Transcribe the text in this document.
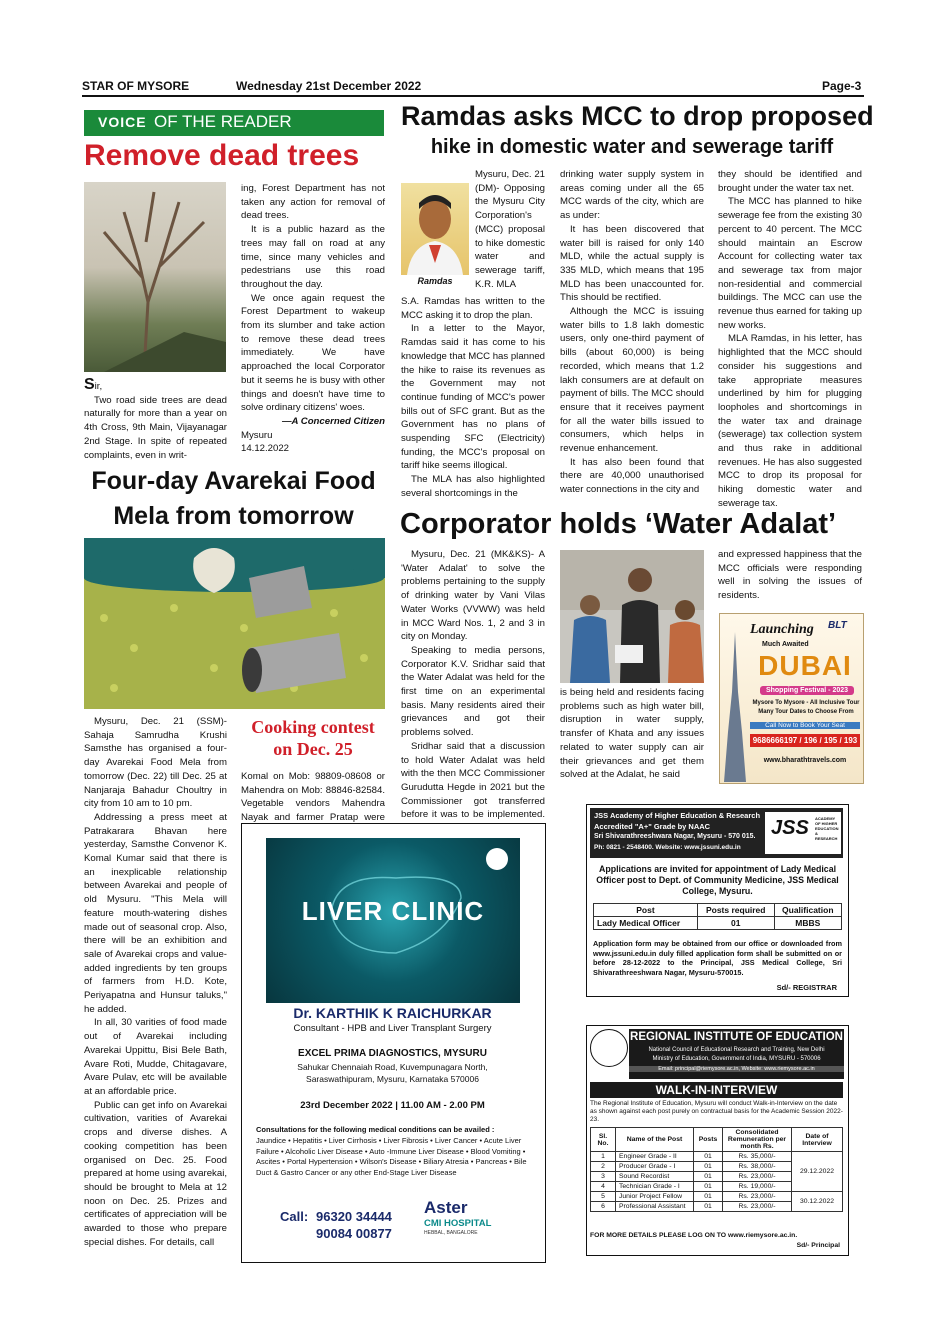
STAR OF MYSORE	Wednesday 21st December 2022	Page-3
VOICE OF THE READER
Remove dead trees

Sir,

Two road side trees are dead naturally for more than a year on 4th Cross, 9th Main, Vijayanagar 2nd Stage. In spite of repeated complaints, even in writ-

ing, Forest Department has not taken any action for removal of dead trees.

It is a public hazard as the trees may fall on road at any time, since many vehicles and pedestrians use this road throughout the day.

We once again request the Forest Department to wakeup from its slumber and take action to remove these dead trees immediately. We have approached the local Corporator but it seems he is busy with other things and doesn't have time to solve ordinary citizens' woes.

—A Concerned Citizen

Mysuru

14.12.2022

Ramdas asks MCC to drop proposed
hike in domestic water and sewerage tariff
Ramdas

Mysuru, Dec. 21 (DM)- Opposing the Mysuru City Corporation's (MCC) proposal to hike domestic water and sewerage tariff, K.R. MLA

S.A. Ramdas has written to the MCC asking it to drop the plan.

In a letter to the Mayor, Ramdas said it has come to his knowledge that MCC has planned the hike to raise its revenues as the Government may not continue funding of MCC's power bills out of SFC grant. But as the Government has no plans of suspending SFC (Electricity) funding, the MCC's proposal on tariff hike seems illogical.

The MLA has also highlighted several shortcomings in the

drinking water supply system in areas coming under all the 65 MCC wards of the city, which are as under:

It has been discovered that water bill is raised for only 140 MLD, while the actual supply is 335 MLD, which means that 195 MLD has been unaccounted for. This should be rectified.

Although the MCC is issuing water bills to 1.8 lakh domestic users, only one-third payment of bills (about 60,000) is being recorded, which means that 1.2 lakh consumers are at default on payment of bills. The MCC should ensure that it receives payment for all the water bills issued to consumers, which helps in revenue enhancement.

It has also been found that there are 40,000 unauthorised water connections in the city and

they should be identified and brought under the water tax net.

The MCC has planned to hike sewerage fee from the existing 30 percent to 40 percent. The MCC should maintain an Escrow Account for collecting water tax and sewerage tax from major non-residential and commercial buildings. The MCC can use the revenue thus earned for taking up new works.

MLA Ramdas, in his letter, has highlighted that the MCC should consider his suggestions and take appropriate measures underlined by him for plugging loopholes and shortcomings in the water tax and drainage (sewerage) tax collection system and thus rake in additional revenues. He has also suggested MCC to drop its proposal for hiking domestic water and sewerage tax.

Four-day Avarekai Food
Mela from tomorrow

Mysuru, Dec. 21 (SSM)- Sahaja Samrudha Krushi Samsthe has organised a four-day Avarekai Food Mela from tomorrow (Dec. 22) till Dec. 25 at Nanjaraja Bahadur Choultry in city from 10 am to 10 pm.

Addressing a press meet at Patrakarara Bhavan here yesterday, Samsthe Convenor K. Komal Kumar said that there is an inexplicable relationship between Avarekai and people of old Mysuru. "This Mela will feature mouth-watering dishes made out of seasonal crop. Also, there will be an exhibition and sale of Avarekai crops and value-added ingredients by ten groups of farmers from H.D. Kote, Periyapatna and Hunsur taluks," he added.

In all, 30 varities of food made out of Avarekai including Avarekai Uppittu, Bisi Bele Bath, Avare Roti, Mudde, Chitagavare, Avare Pulav, etc will be available at an affordable price.

Public can get info on Avarekai cultivation, varities of Avarekai crops and diverse dishes. A cooking competition has been organised on Dec. 25. Food prepared at home using avarekai, should be brought to Mela at 12 noon on Dec. 25. Prizes and certificates of appreciation will be awarded to those who prepare special dishes. For details, call

Cooking contest
on Dec. 25

Komal on Mob: 98809-08608 or Mahendra on Mob: 88846-82584. Vegetable vendors Mahendra Nayak and farmer Pratap were

Corporator holds ‘Water Adalat’

Mysuru, Dec. 21 (MK&KS)- A 'Water Adalat' to solve the problems pertaining to the supply of drinking water by Vani Vilas Water Works (VVWW) was held in MCC Ward Nos. 1, 2 and 3 in city on Monday.

Speaking to media persons, Corporator K.V. Sridhar said that the Water Adalat was held for the first time on an experimental basis. Many residents aired their grievances and got their problems solved.

Sridhar said that a discussion to hold Water Adalat was held with the then MCC Commissioner Gurudutta Hegde in 2021 but the Commissioner got transferred before it was to be implemented.

is being held and residents facing problems such as high water bill, disruption in water supply, transfer of Khata and any issues related to water supply can air their grievances and get them solved at the Adalat, he said

and expressed happiness that the MCC officials were responding well in solving the issues of residents.

Launching BLT
Much Awaited
DUBAI
Shopping Festival - 2023
Mysore To Mysore - All Inclusive Tour
Many Tour Dates to Choose From
Call Now to Book Your Seat
9686666197 / 196 / 195 / 193
www.bharathtravels.com
LIVER CLINIC
Dr. KARTHIK K RAICHURKAR
Consultant - HPB and Liver Transplant Surgery
EXCEL PRIMA DIAGNOSTICS, MYSURU
Sahukar Chennaiah Road, Kuvempunagara North,
Saraswathipuram, Mysuru, Karnataka 570006
23rd December 2022 | 11.00 AM - 2.00 PM
Consultations for the following medical conditions can be availed :
Jaundice • Hepatitis • Liver Cirrhosis • Liver Fibrosis • Liver Cancer • Acute Liver Failure • Alcoholic Liver Disease • Auto -Immune Liver Disease • Blood Vomiting • Ascites • Portal Hypertension • Wilson's Disease • Biliary Atresia • Pancreas • Bile Duct & Gastro Cancer or any other End-Stage Liver Disease
Call: 96320 34444
90084 00877
Aster
CMI HOSPITAL
HEBBAL, BANGALORE
JSS Academy of Higher Education & Research
Accredited "A+" Grade by NAAC
Sri Shivarathreeshwara Nagar, Mysuru - 570 015.
Ph: 0821 - 2548400. Website: www.jssuni.edu.in
JSS ACADEMY OF HIGHER EDUCATION & RESEARCH
Applications are invited for appointment of Lady Medical Officer post to Dept. of Community Medicine, JSS Medical College, Mysuru.
Post	Posts required	Qualification
Lady Medical Officer	01	MBBS
Application form may be obtained from our office or downloaded from www.jssuni.edu.in duly filled application form shall be submitted on or before 28-12-2022 to the Principal, JSS Medical College, Sri Shivarathreeshwara Nagar, Mysuru-570015.
Sd/- REGISTRAR
REGIONAL INSTITUTE OF EDUCATION
National Council of Educational Research and Training, New Delhi
Ministry of Education, Government of India, MYSURU - 570006
Email: principal@riemysore.ac.in, Website: www.riemysore.ac.in
WALK-IN-INTERVIEW
The Regional Institute of Education, Mysuru will conduct Walk-in-Interview on the date as shown against each post purely on contractual basis for the Academic Session 2022-23.
Sl. No.	Name of the Post	Posts	Consolidated Remuneration per month Rs.	Date of Interview
1	Engineer Grade - II	01	Rs. 35,000/-	29.12.2022
2	Producer Grade - I	01	Rs. 38,000/-	
3	Sound Recordist	01	Rs. 23,000/-	
4	Technician Grade - I	01	Rs. 19,000/-	
5	Junior Project Fellow	01	Rs. 23,000/-	30.12.2022
6	Professional Assistant	01	Rs. 23,000/-	
FOR MORE DETAILS PLEASE LOG ON TO www.riemysore.ac.in.
Sd/- Principal
